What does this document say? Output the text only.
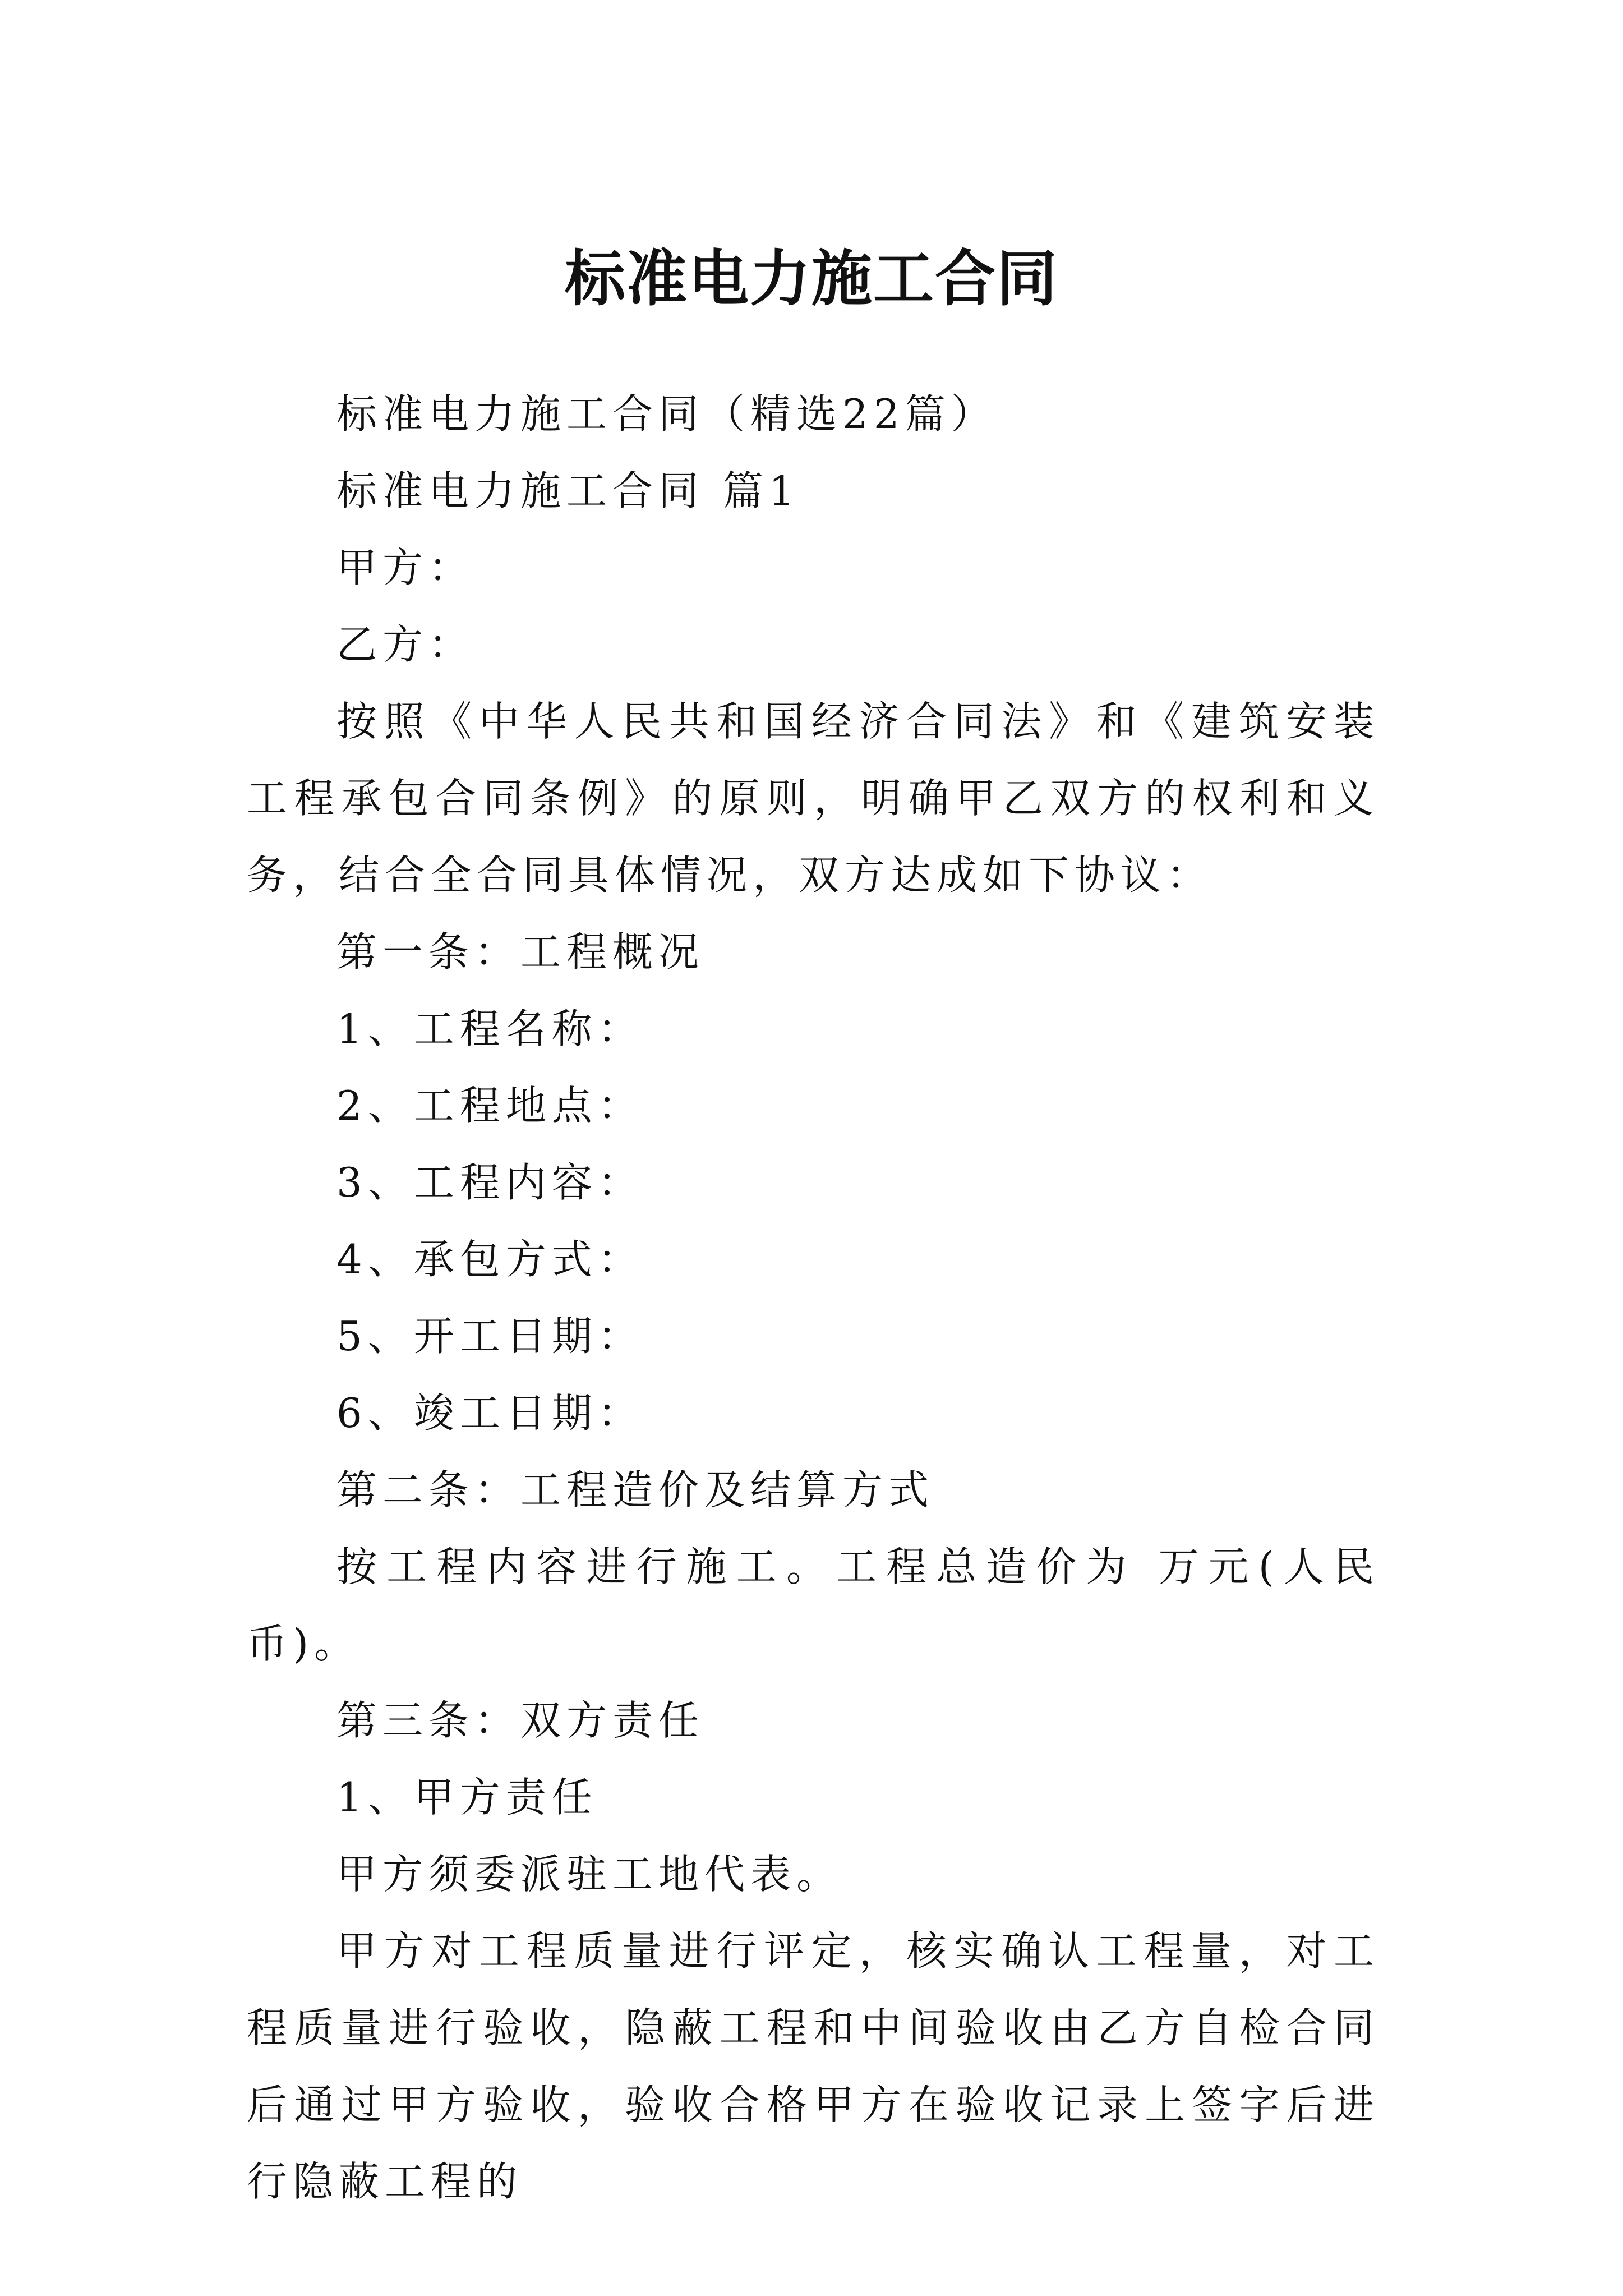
标准电力施工合同

标准电力施工合同（精选22篇）

标准电力施工合同 篇1

甲方：

乙方：

按照《中华人民共和国经济合同法》和《建筑安装工程承包合同条例》的原则，明确甲乙双方的权利和义务，结合全合同具体情况，双方达成如下协议：

第一条：工程概况

1、工程名称：

2、工程地点：

3、工程内容：

4、承包方式：

5、开工日期：

6、竣工日期：

第二条：工程造价及结算方式

按工程内容进行施工。工程总造价为 万元(人民币)。

第三条：双方责任

1、甲方责任

甲方须委派驻工地代表。

甲方对工程质量进行评定，核实确认工程量，对工程质量进行验收，隐蔽工程和中间验收由乙方自检合同后通过甲方验收，验收合格甲方在验收记录上签字后进行隐蔽工程的
